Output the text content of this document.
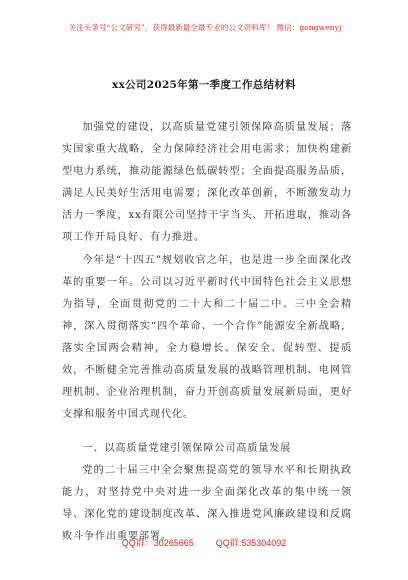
关注头条号“公文研究”，获得最新最全最专业的公文资料库！ 微信：gongwenyj
xx公司2025年第一季度工作总结材料

加强党的建设，以高质量党建引领保障高质量发展；落实国家重大战略，全力保障经济社会用电需求；加快构建新型电力系统，推动能源绿色低碳转型；全面提高服务品质，满足人民美好生活用电需要；深化改革创新，不断激发动力活力一季度，xx有限公司坚持干字当头、开拓进取，推动各项工作开局良好、有力推进。

今年是“十四五”规划收官之年，也是进一步全面深化改革的重要一年。公司以习近平新时代中国特色社会主义思想为指导，全面贯彻党的二十大和二十届二中、三中全会精神，深入贯彻落实“四个革命、一个合作”能源安全新战略，落实全国两会精神，全力稳增长、保安全、促转型、提质效，不断健全完善推动高质量发展的战略管理机制、电网管理机制、企业治理机制，奋力开创高质量发展新局面，更好支撑和服务中国式现代化。

一、以高质量党建引领保障公司高质量发展

党的二十届三中全会聚焦提高党的领导水平和长期执政能力，对坚持党中央对进一步全面深化改革的集中统一领导、深化党的建设制度改革、深入推进党风廉政建设和反腐败斗争作出重要部署。

QQ群：30265665 QQ群:535304092
